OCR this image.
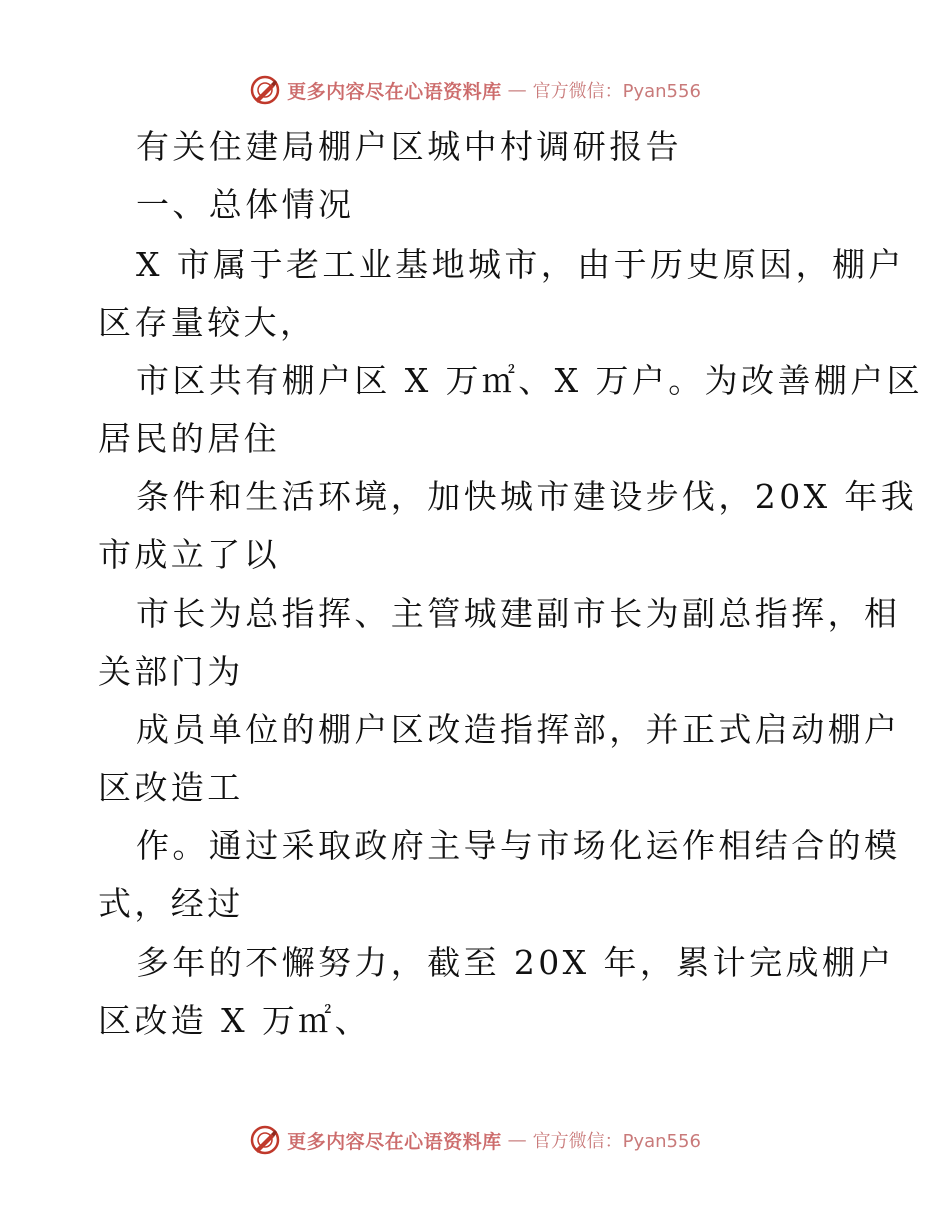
更多内容尽在心语资料库 — 官方微信：Pyan556
有关住建局棚户区城中村调研报告
一、总体情况
X 市属于老工业基地城市，由于历史原因，棚户
区存量较大，
市区共有棚户区 X 万㎡、X 万户。为改善棚户区
居民的居住
条件和生活环境，加快城市建设步伐，20X 年我
市成立了以
市长为总指挥、主管城建副市长为副总指挥，相
关部门为
成员单位的棚户区改造指挥部，并正式启动棚户
区改造工
作。通过采取政府主导与市场化运作相结合的模
式，经过
多年的不懈努力，截至 20X 年，累计完成棚户
区改造 X 万㎡、
更多内容尽在心语资料库 — 官方微信：Pyan556
